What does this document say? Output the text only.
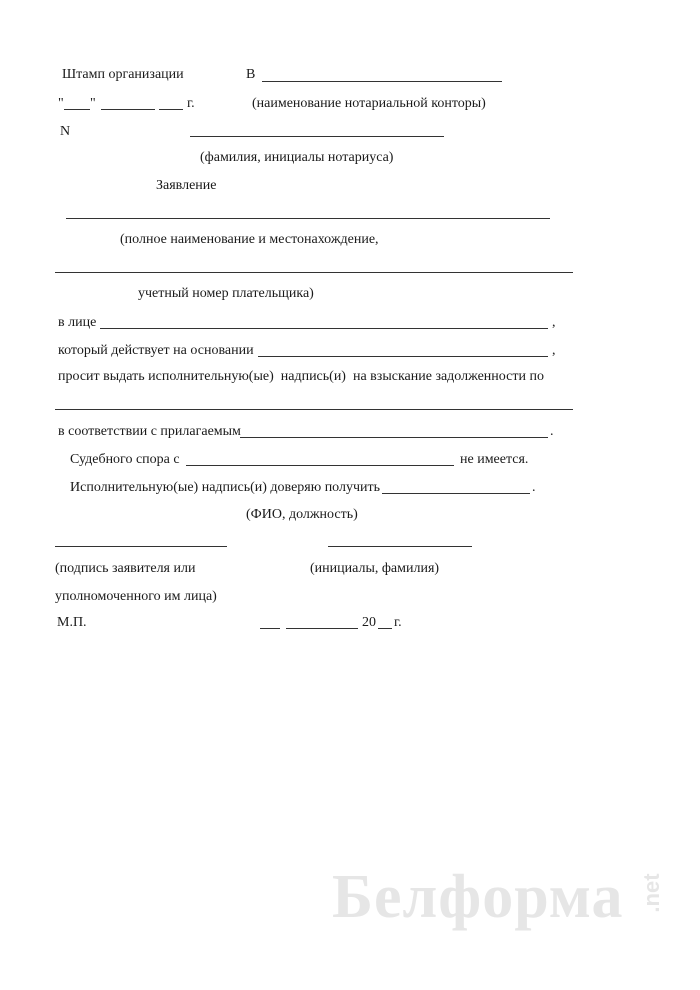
Штамп организации	В
" "	г.	(наименование нотариальной конторы)
N
(фамилия, инициалы нотариуса)
Заявление
(полное наименование и местонахождение,
учетный номер плательщика)
в лице	,
который действует на основании	,
просит выдать исполнительную(ые)  надпись(и)  на взыскание задолженности по
в соответствии с прилагаемым	.
Судебного спора с	не имеется.
Исполнительную(ые) надпись(и) доверяю получить	.
(ФИО, должность)
(подпись заявителя или	(инициалы, фамилия)
уполномоченного им лица)
М.П.	20 г.
Белформа .net
